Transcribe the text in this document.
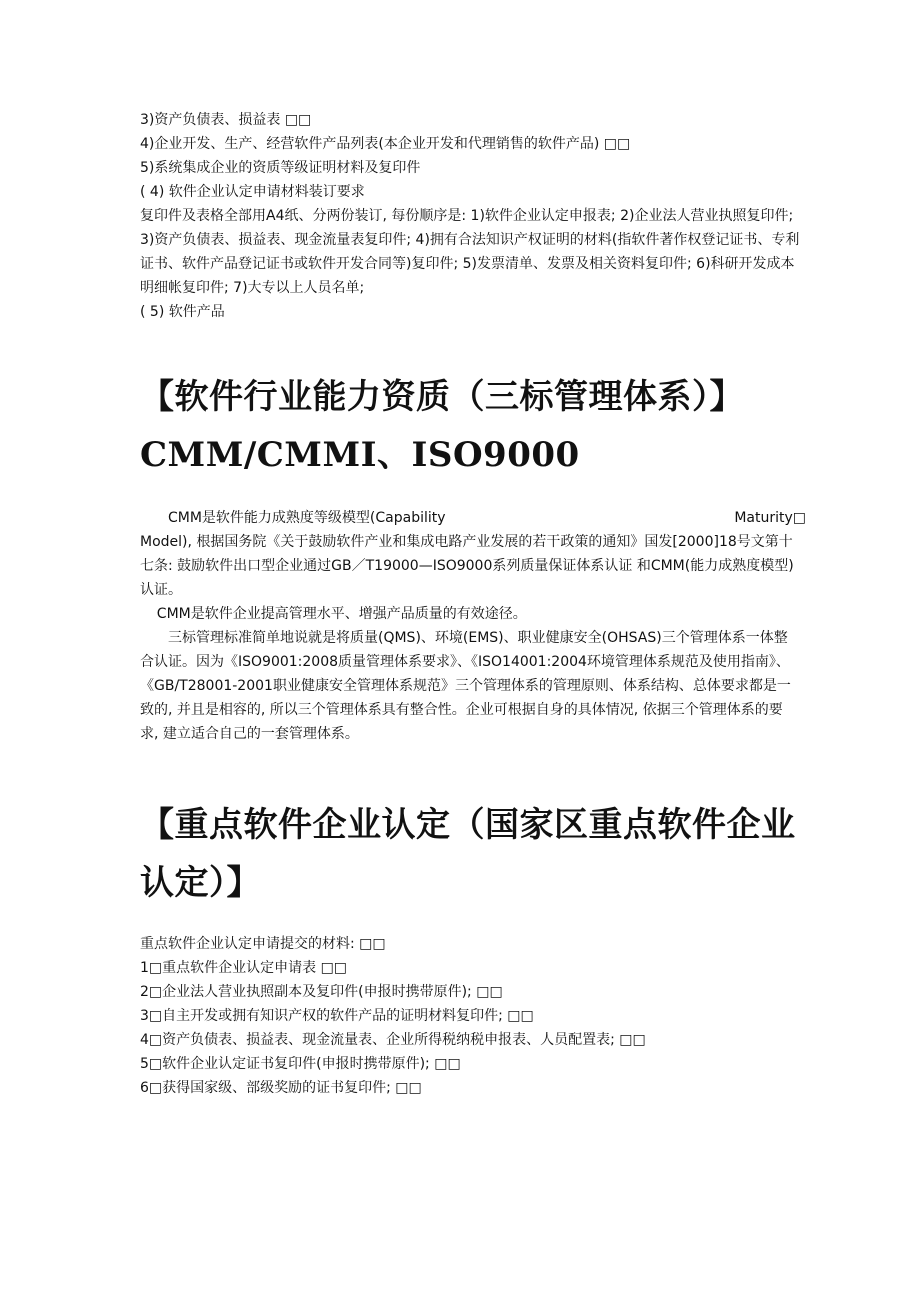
3)资产负债表、损益表 □□
4)企业开发、生产、经营软件产品列表(本企业开发和代理销售的软件产品) □□
5)系统集成企业的资质等级证明材料及复印件
( 4) 软件企业认定申请材料装订要求
复印件及表格全部用A4纸、分两份装订, 每份顺序是: 1)软件企业认定申报表; 2)企业法人营业执照复印件; 3)资产负债表、损益表、现金流量表复印件; 4)拥有合法知识产权证明的材料(指软件著作权登记证书、专利证书、软件产品登记证书或软件开发合同等)复印件; 5)发票清单、发票及相关资料复印件; 6)科研开发成本明细帐复印件; 7)大专以上人员名单;
( 5) 软件产品
【软件行业能力资质（三标管理体系）】CMM/CMMI、ISO9000
CMM是软件能力成熟度等级模型(Capability	Maturity□
Model), 根据国务院《关于鼓励软件产业和集成电路产业发展的若干政策的通知》国发[2000]18号文第十七条: 鼓励软件出口型企业通过GB／T19000—ISO9000系列质量保证体系认证 和CMM(能力成熟度模型)认证。
CMM是软件企业提高管理水平、增强产品质量的有效途径。
三标管理标准简单地说就是将质量(QMS)、环境(EMS)、职业健康安全(OHSAS)三个管理体系一体整合认证。因为《ISO9001:2008质量管理体系要求》、《ISO14001:2004环境管理体系规范及使用指南》、《GB/T28001-2001职业健康安全管理体系规范》三个管理体系的管理原则、体系结构、总体要求都是一致的, 并且是相容的, 所以三个管理体系具有整合性。企业可根据自身的具体情况, 依据三个管理体系的要求, 建立适合自己的一套管理体系。
【重点软件企业认定（国家区重点软件企业认定）】
重点软件企业认定申请提交的材料: □□
1□重点软件企业认定申请表 □□
2□企业法人营业执照副本及复印件(申报时携带原件); □□
3□自主开发或拥有知识产权的软件产品的证明材料复印件; □□
4□资产负债表、损益表、现金流量表、企业所得税纳税申报表、人员配置表; □□
5□软件企业认定证书复印件(申报时携带原件); □□
6□获得国家级、部级奖励的证书复印件; □□
